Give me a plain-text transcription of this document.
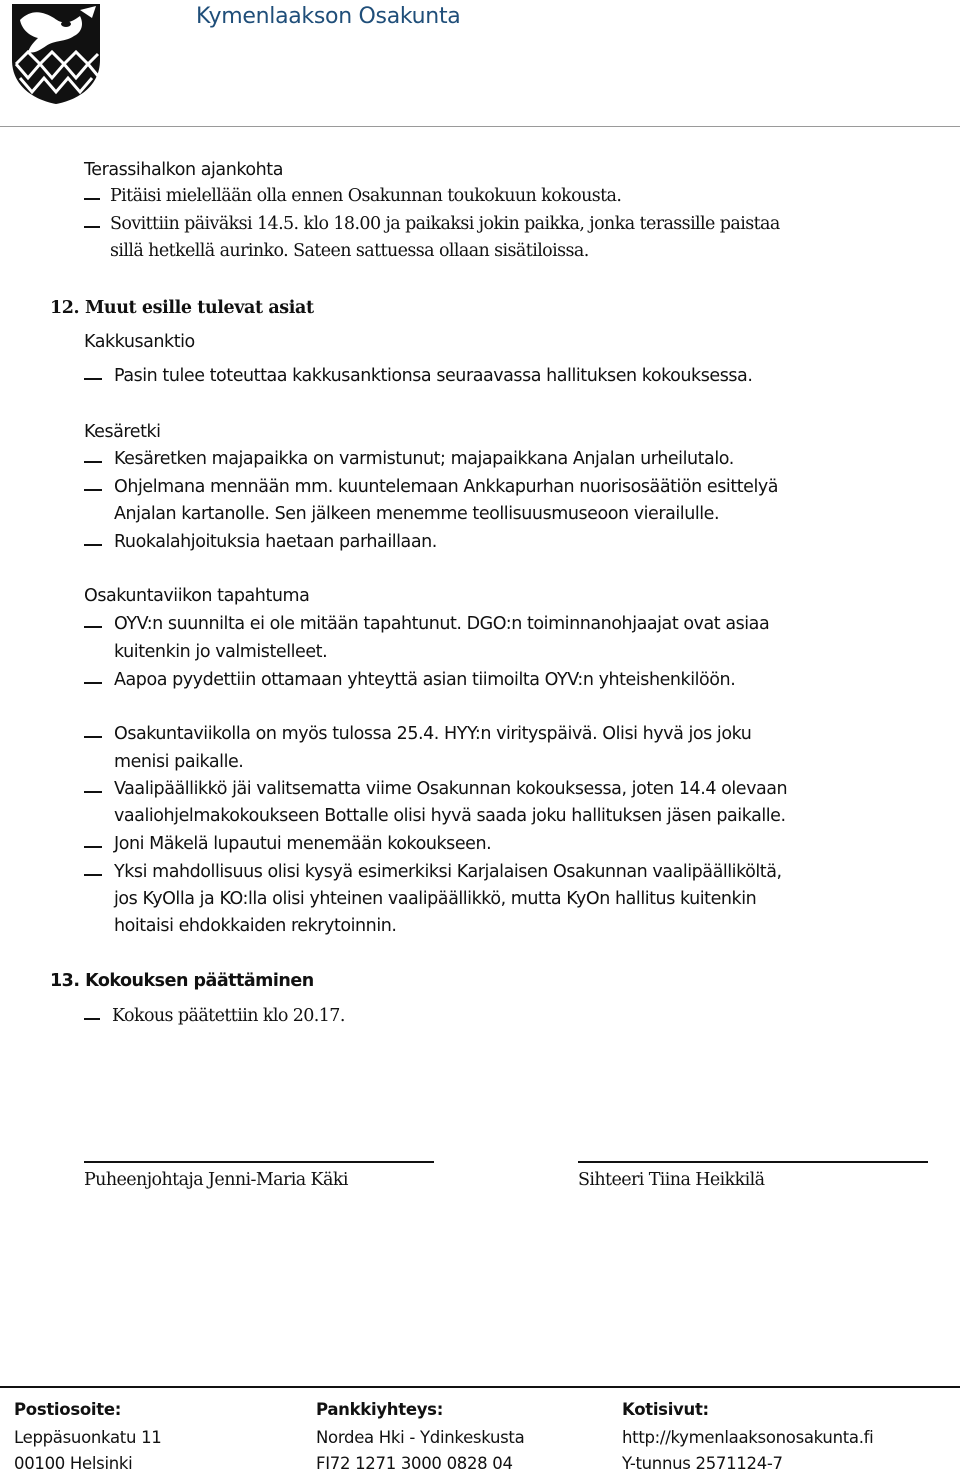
Kymenlaakson Osakunta
Terassihalkon ajankohta
Pitäisi mielellään olla ennen Osakunnan toukokuun kokousta.
Sovittiin päiväksi 14.5. klo 18.00 ja paikaksi jokin paikka, jonka terassille paistaa
sillä hetkellä aurinko. Sateen sattuessa ollaan sisätiloissa.
12. Muut esille tulevat asiat
Kakkusanktio
Pasin tulee toteuttaa kakkusanktionsa seuraavassa hallituksen kokouksessa.
Kesäretki
Kesäretken majapaikka on varmistunut; majapaikkana Anjalan urheilutalo.
Ohjelmana mennään mm. kuuntelemaan Ankkapurhan nuorisosäätiön esittelyä
Anjalan kartanolle. Sen jälkeen menemme teollisuusmuseoon vierailulle.
Ruokalahjoituksia haetaan parhaillaan.
Osakuntaviikon tapahtuma
OYV:n suunnilta ei ole mitään tapahtunut. DGO:n toiminnanohjaajat ovat asiaa
kuitenkin jo valmistelleet.
Aapoa pyydettiin ottamaan yhteyttä asian tiimoilta OYV:n yhteishenkilöön.
Osakuntaviikolla on myös tulossa 25.4. HYY:n virityspäivä. Olisi hyvä jos joku
menisi paikalle.
Vaalipäällikkö jäi valitsematta viime Osakunnan kokouksessa, joten 14.4 olevaan
vaaliohjelmakokoukseen Bottalle olisi hyvä saada joku hallituksen jäsen paikalle.
Joni Mäkelä lupautui menemään kokoukseen.
Yksi mahdollisuus olisi kysyä esimerkiksi Karjalaisen Osakunnan vaalipäälliköltä,
jos KyOlla ja KO:lla olisi yhteinen vaalipäällikkö, mutta KyOn hallitus kuitenkin
hoitaisi ehdokkaiden rekrytoinnin.
13. Kokouksen päättäminen
Kokous päätettiin klo 20.17.
Puheenjohtaja Jenni-Maria Käki	Sihteeri Tiina Heikkilä
Postiosoite:
Leppäsuonkatu 11
00100 Helsinki
Pankkiyhteys:
Nordea Hki - Ydinkeskusta
FI72 1271 3000 0828 04
Kotisivut:
http://kymenlaaksonosakunta.fi
Y-tunnus 2571124-7
